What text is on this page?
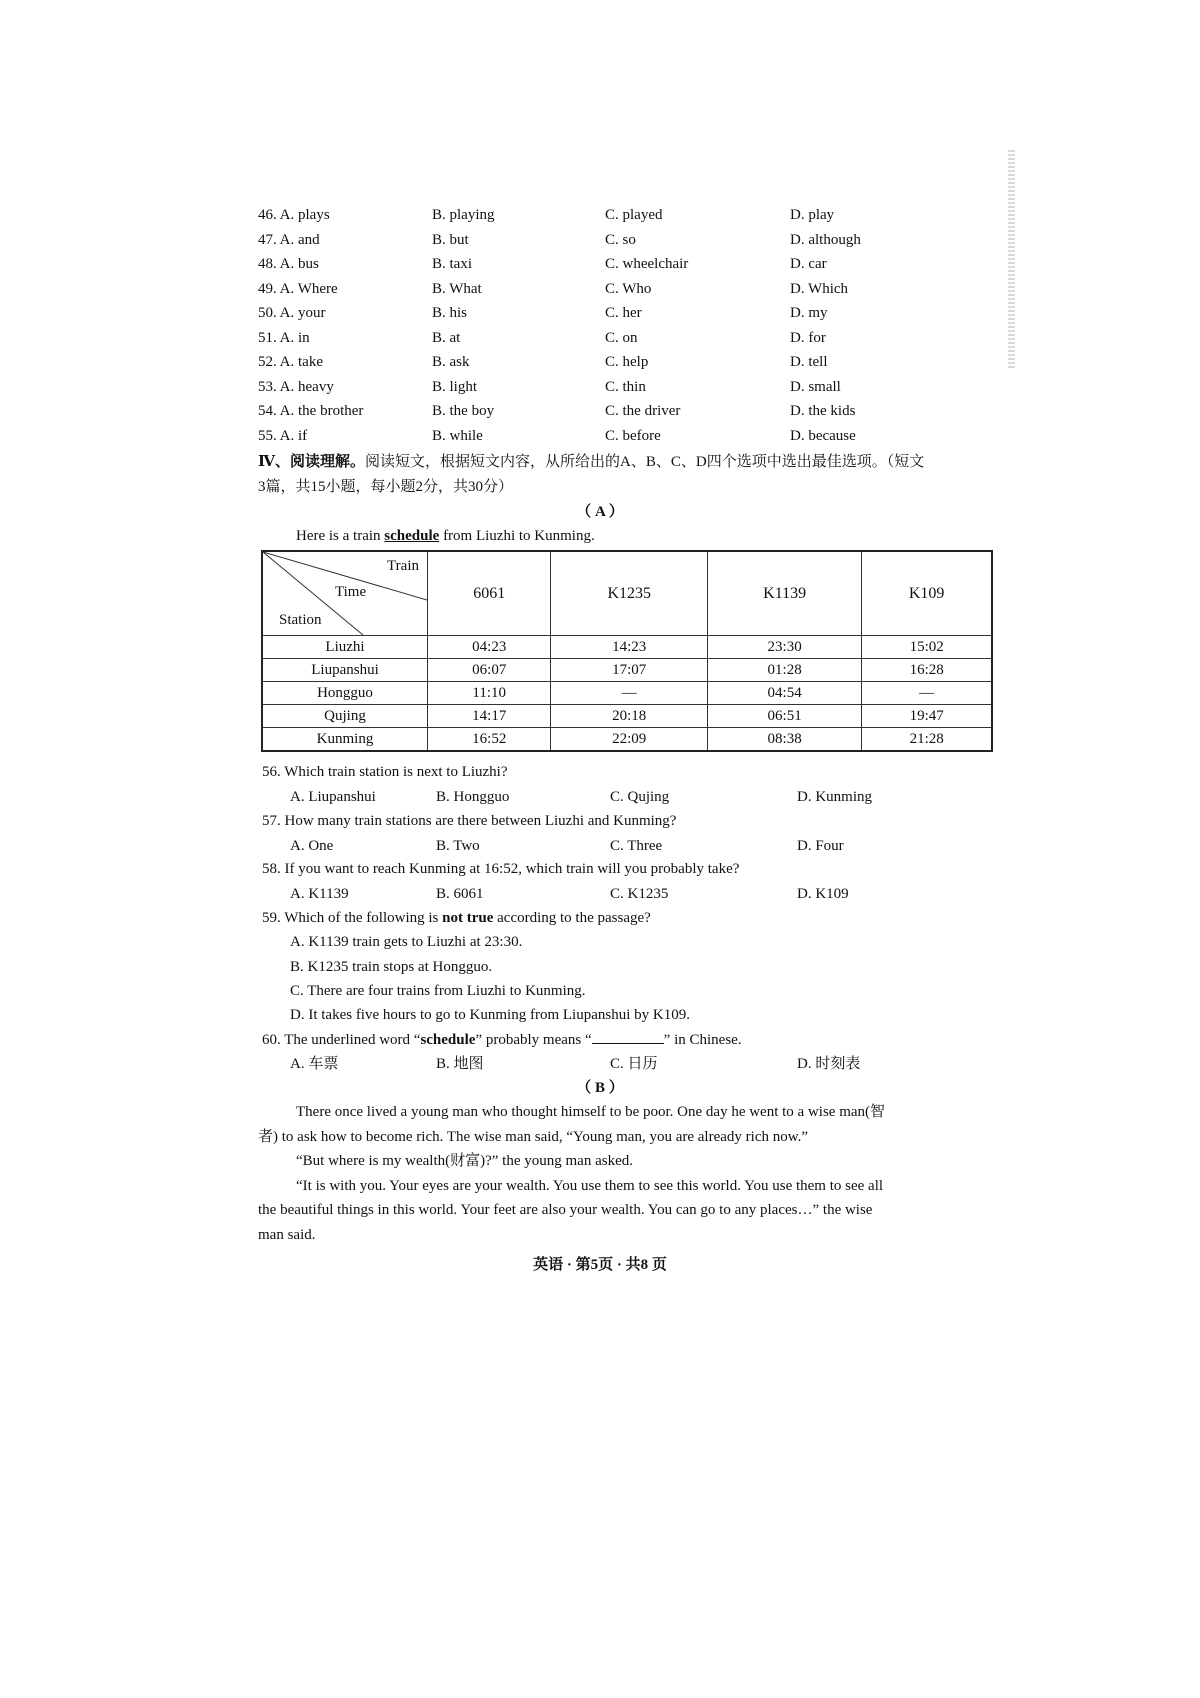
46. A. plays	B. playing	C. played	D. play
47. A. and	B. but	C. so	D. although
48. A. bus	B. taxi	C. wheelchair	D. car
49. A. Where	B. What	C. Who	D. Which
50. A. your	B. his	C. her	D. my
51. A. in	B. at	C. on	D. for
52. A. take	B. ask	C. help	D. tell
53. A. heavy	B. light	C. thin	D. small
54. A. the brother	B. the boy	C. the driver	D. the kids
55. A. if	B. while	C. before	D. because
Ⅳ、阅读理解。阅读短文，根据短文内容，从所给出的A、B、C、D四个选项中选出最佳选项。（短文
3篇，共15小题，每小题2分，共30分）
（ A ）
Here is a train schedule from Liuzhi to Kunming.
Train
Time
Station	6061	K1235	K1139	K109
Liuzhi	04:23	14:23	23:30	15:02
Liupanshui	06:07	17:07	01:28	16:28
Hongguo	11:10	—	04:54	—
Qujing	14:17	20:18	06:51	19:47
Kunming	16:52	22:09	08:38	21:28
56. Which train station is next to Liuzhi?
A. Liupanshui	B. Hongguo	C. Qujing	D. Kunming
57. How many train stations are there between Liuzhi and Kunming?
A. One	B. Two	C. Three	D. Four
58. If you want to reach Kunming at 16:52, which train will you probably take?
A. K1139	B. 6061	C. K1235	D. K109
59. Which of the following is not true according to the passage?
A. K1139 train gets to Liuzhi at 23:30.
B. K1235 train stops at Hongguo.
C. There are four trains from Liuzhi to Kunming.
D. It takes five hours to go to Kunming from Liupanshui by K109.
60. The underlined word “schedule” probably means “	” in Chinese.
A. 车票	B. 地图	C. 日历	D. 时刻表
（ B ）
There once lived a young man who thought himself to be poor. One day he went to a wise man(智
者) to ask how to become rich. The wise man said, “Young man, you are already rich now.”
“But where is my wealth(财富)?” the young man asked.
“It is with you. Your eyes are your wealth. You use them to see this world. You use them to see all
the beautiful things in this world. Your feet are also your wealth. You can go to any places…” the wise
man said.
英语 · 第5页 · 共8 页
